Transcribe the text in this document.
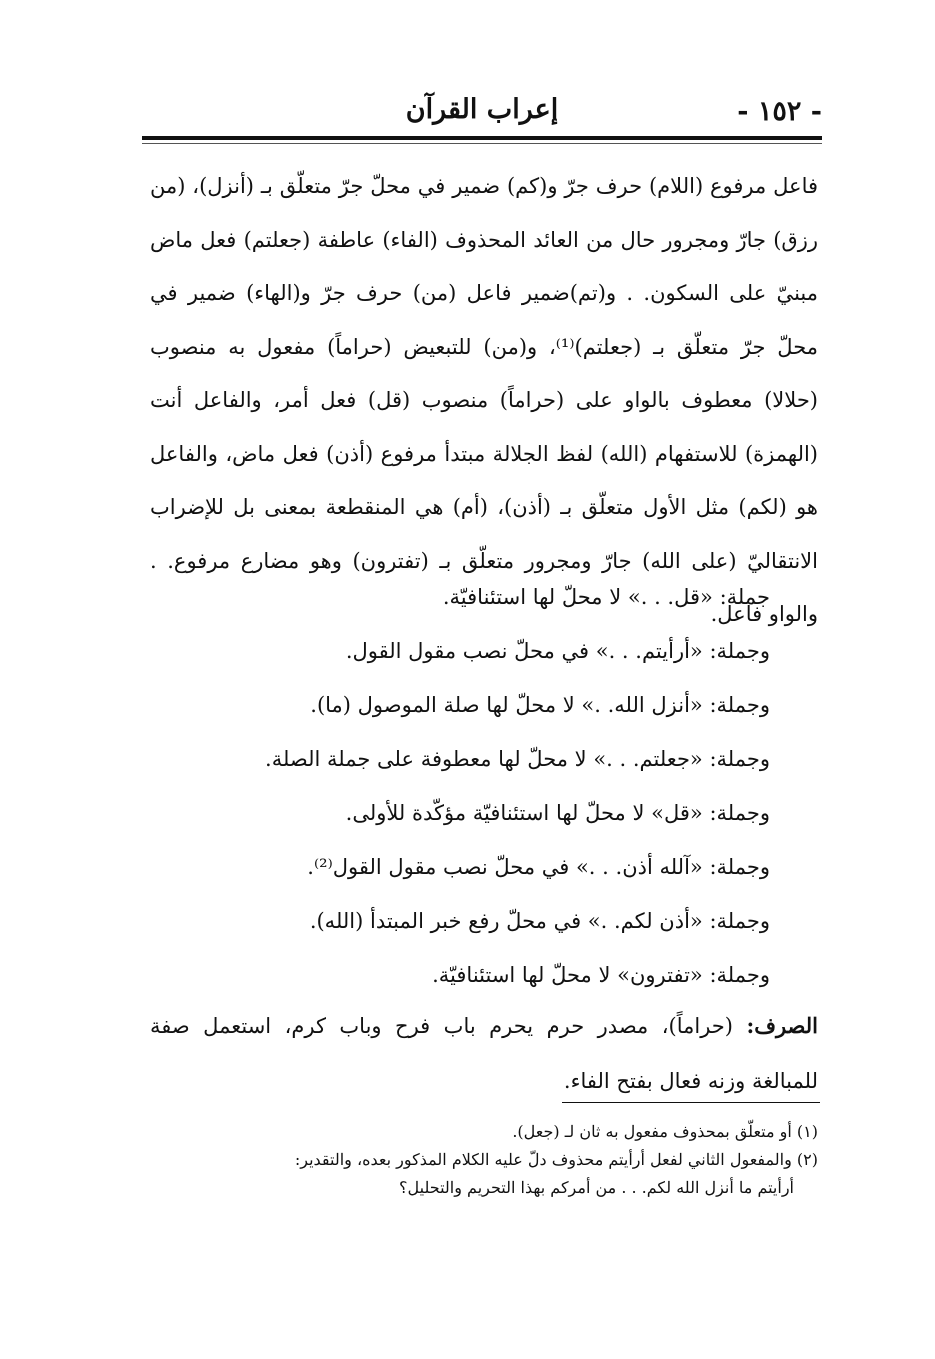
- ١٥٢ -
إعراب القرآن

فاعل مرفوع (اللام) حرف جرّ و(كم) ضمير في محلّ جرّ متعلّق بـ (أنزل)، (من رزق) جارّ ومجرور حال من العائد المحذوف (الفاء) عاطفة (جعلتم) فعل ماض مبنيّ على السكون. . و(تم)ضمير فاعل (من) حرف جرّ و(الهاء) ضمير في محلّ جرّ متعلّق بـ (جعلتم)⁽¹⁾، و(من) للتبعيض (حراماً) مفعول به منصوب (حلالا) معطوف بالواو على (حراماً) منصوب (قل) فعل أمر، والفاعل أنت (الهمزة) للاستفهام (الله) لفظ الجلالة مبتدأ مرفوع (أذن) فعل ماض، والفاعل هو (لكم) مثل الأول متعلّق بـ (أذن)، (أم) هي المنقطعة بمعنى بل للإضراب الانتقاليّ (على الله) جارّ ومجرور متعلّق بـ (تفترون) وهو مضارع مرفوع. . والواو فاعل.

جملة: «قل. . .» لا محلّ لها استئنافيّة.
وجملة: «أرأيتم. . .» في محلّ نصب مقول القول.
وجملة: «أنزل الله. .» لا محلّ لها صلة الموصول (ما).
وجملة: «جعلتم. . .» لا محلّ لها معطوفة على جملة الصلة.
وجملة: «قل» لا محلّ لها استئنافيّة مؤكّدة للأولى.
وجملة: «آلله أذن. . .» في محلّ نصب مقول القول⁽²⁾.
وجملة: «أذن لكم. .» في محلّ رفع خبر المبتدأ (الله).
وجملة: «تفترون» لا محلّ لها استئنافيّة.

الصرف: (حراماً)، مصدر حرم يحرم باب فرح وباب كرم، استعمل صفة للمبالغة وزنه فعال بفتح الفاء.

(١) أو متعلّق بمحذوف مفعول به ثان لـ (جعل).
(٢) والمفعول الثاني لفعل أرأيتم محذوف دلّ عليه الكلام المذكور بعده، والتقدير:
أرأيتم ما أنزل الله لكم. . . من أمركم بهذا التحريم والتحليل؟
